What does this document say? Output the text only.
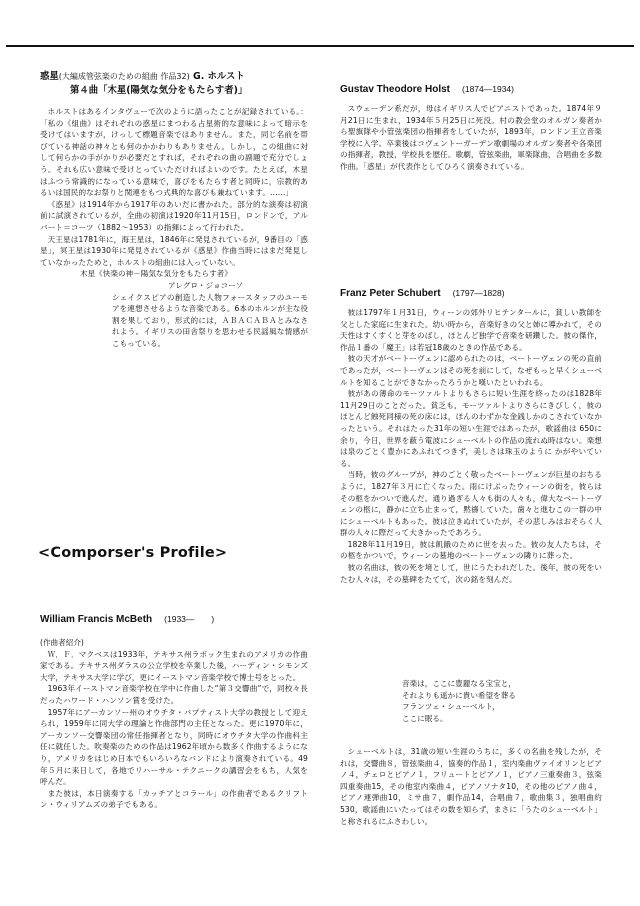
惑星(大編成管弦楽のための組曲 作品32) G. ホルスト
第４曲「木星(陽気な気分をもたらす者)」

ホルストはあるインタヴューで次のように語ったことが記録されている。：「私の《組曲》はそれぞれの惑星にまつわる占星術的な意味によって暗示を受けてはいますが，けっして標題音楽ではありません。また，同じ名前を帯びている神話の神々とも何のかかわりもありません。しかし，この組曲に対して何らかの手がかりが必要だとすれば，それぞれの曲の副題で充分でしょう。それも広い意味で受けとっていただければよいのです。たとえば，木星はふつう常識的になっている意味で，喜びをもたらす者と同時に，宗教的あるいは国民的なお祭りと関連をもつ式典的な喜びも兼ねています。……」

《惑星》は1914年から1917年のあいだに書かれた。部分的な演奏は初演前に試演されているが，全曲の初演は1920年11月15日，ロンドンで，アルバート＝コーツ（1882～1953）の指揮によって行われた。

天王星は1781年に，海王星は，1846年に発見されているが，9番目の「惑星」，冥王星は1930年に発見されているが《惑星》作曲当時にはまだ発見していなかったためと，ホルストの組曲には入っていない。

木星《快楽の神－陽気な気分をもたらす者》

アレグロ・ジョコーソ

シェイクスピアの創造した人物フォースタッフのユーモアを連想させるような音楽である。6本のホルンが主な役割を果しており，形式的には，ＡＢＡＣＡＢＡとみなされよう。イギリスの田舎祭りを思わせる民謡風な情感がこもっている。

<Comporser's Profile>

William Francis McBeth (1933—　　)

(作曲者紹介)

Ｗ．Ｆ．マクベスは1933年，テキサス州ラボック生まれのアメリカの作曲家である。テキサス州ダラスの公立学校を卒業した後，ハーディン・シモンズ大学，テキサス大学に学び，更にイーストマン音楽学校で博士号をとった。

1963年イーストマン音楽学校在学中に作曲した“第３交響曲”で，同校々長だったハワード・ハンソン賞を受けた。

1957年にアーカンソー州のオウチタ・バプティスト大学の教授として迎えられ，1959年に同大学の理論と作曲部門の主任となった。更に1970年に，アーカンソー交響楽団の常任指揮者となり，同時にオウチタ大学の作曲科主任に就任した。吹奏楽のための作品は1962年頃から数多く作曲するようになり，アメリカをはじめ日本でもいろいろなバンドにより演奏されている。49年５月に来日して，各地でリハーサル・テクニークの講習会をもち，人気を呼んだ。

また彼は，本日演奏する「カッチアとコラール」の作曲者であるクリフトン・ウィリアムズの弟子でもある。

Gustav Theodore Holst (1874—1934)

スウェーデン系だが，母はイギリス人でピアニストであった。1874年９月21日に生まれ，1934年５月25日に死没。村の教会堂のオルガン奏者から聖旗隊や小管弦楽団の指揮者をしていたが，1893年，ロンドン王立音楽学校に入学。卒業後はコヴェントーガーデン歌劇場のオルガン奏者や各楽団の指揮者，教授，学校長を歴任。歌劇，管弦楽曲，軍楽隊曲，合唱曲を多数作曲。「惑星」が代表作としてひろく演奏されている。

Franz Peter Schubert (1797—1828)

彼は1797年１月31日，ウィーンの郊外リヒテンタールに，貧しい教師を父とした家庭に生まれた。幼い時から，音楽好きの父と姉に導かれて，その天性はすくすくと芽をのばし，ほとんど独学で音楽を研鑽した。彼の傑作，作品１番の「魔王」は若冠18歳のときの作品である。

彼の天才がベートーヴェンに認められたのは，ベートーヴェンの死の直前であったが，ベートーヴェンはその死を前にして，なぜもっと早くシューベルトを知ることができなかったろうかと嘆いたといわれる。

彼があの薄命のモーツァルトよりもさらに短い生涯を終ったのは1828年11月29日のことだった。貧乏も，モーツァルトよりさらにきびしく，彼のほとんど蝕死同様の死の床には，ほんのわずかな金銭しかのこされていなかったという。それはたった31年の短い生涯ではあったが，歌謡曲は 650に余り，今日，世界を蔽う電波にシューベルトの作品の流れぬ時はない。楽想は泉のごとく豊かにあふれてつきず，美しさは珠玉のように かがやいている。

当時，彼のグループが，神のごとく敬ったベートーヴェンが巨星のおちるように，1827年３月に亡くなった。雨にけぶったウィーンの街を，彼らはその柩をかついで進んだ。通り過ぎる人々も街の人々も，偉大なベートーヴェンの柩に，静かに立ち止まって，黙禱していた。歯々と進むこの一群の中にシューベルトもあった。彼は泣きぬれていたが，その悲しみはおそらく人群の人々に際だって大きかったであろう。

1828年11月19日，彼は飢餓のために世を去った。彼の友人たちは，その柩をかついで，ウィーンの墓地のベートーヴェンの隣りに葬った。

彼の名曲は，彼の死を境として，世にうたわれだした。後年，彼の死をいたむ人々は，その墓碑をたてて，次の銘を刻んだ。

音楽は，ここに豊麗なる宝宝と，

それよりも遥かに貴い希望を葬る

フランツェ・シューベルト，

ここに眠る。

シューベルトは，31歳の短い生涯のうちに，多くの名曲を残したが，それは，交響曲８，管弦楽曲４，協奏的作品１，室内楽曲ヴァイオリンとピアノ４，チェロとピアノ１，フリュートとピアノ１，ピアノ三重奏曲３，弦楽四重奏曲15，その他室内楽曲４，ピアノソナタ10，その他のピアノ曲４，ピアノ連弾曲10，ミサ曲７，劇作品14，合唱曲７，歌曲集３，独唱曲約 530，歌謡曲にいたってはその数を知らず，まさに「うたのシューベルト」と称されるにふさわしい。
